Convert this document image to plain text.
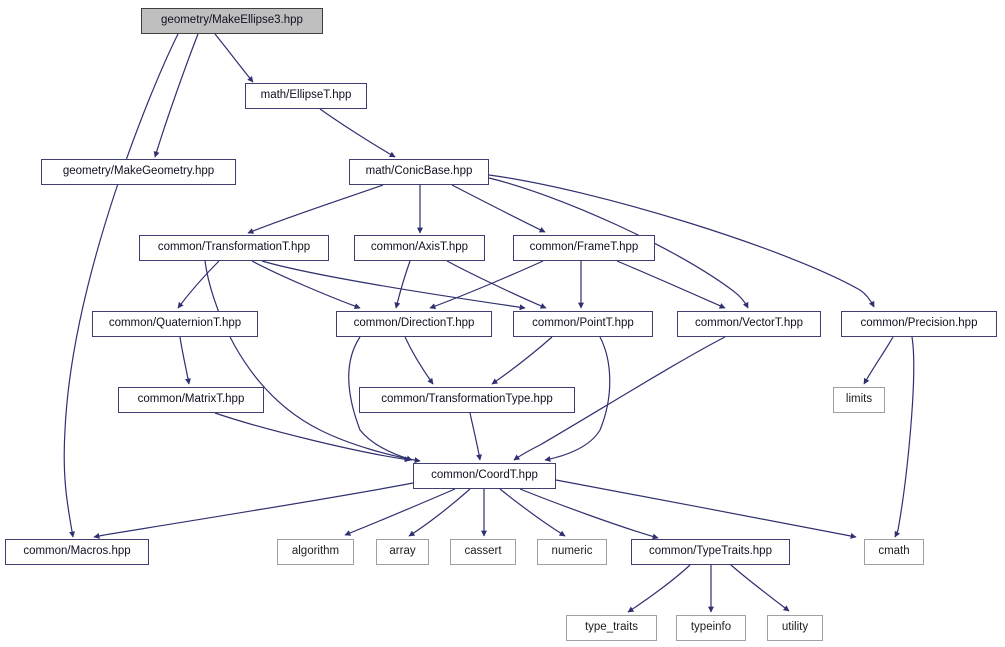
geometry/MakeEllipse3.hpp
math/EllipseT.hpp
geometry/MakeGeometry.hpp	math/ConicBase.hpp
common/TransformationT.hpp	common/AxisT.hpp	common/FrameT.hpp
common/QuaternionT.hpp	common/DirectionT.hpp	common/PointT.hpp	common/VectorT.hpp	common/Precision.hpp
common/MatrixT.hpp	common/TransformationType.hpp	limits
common/CoordT.hpp
common/Macros.hpp	algorithm	array	cassert	numeric	common/TypeTraits.hpp	cmath
type_traits	typeinfo	utility
